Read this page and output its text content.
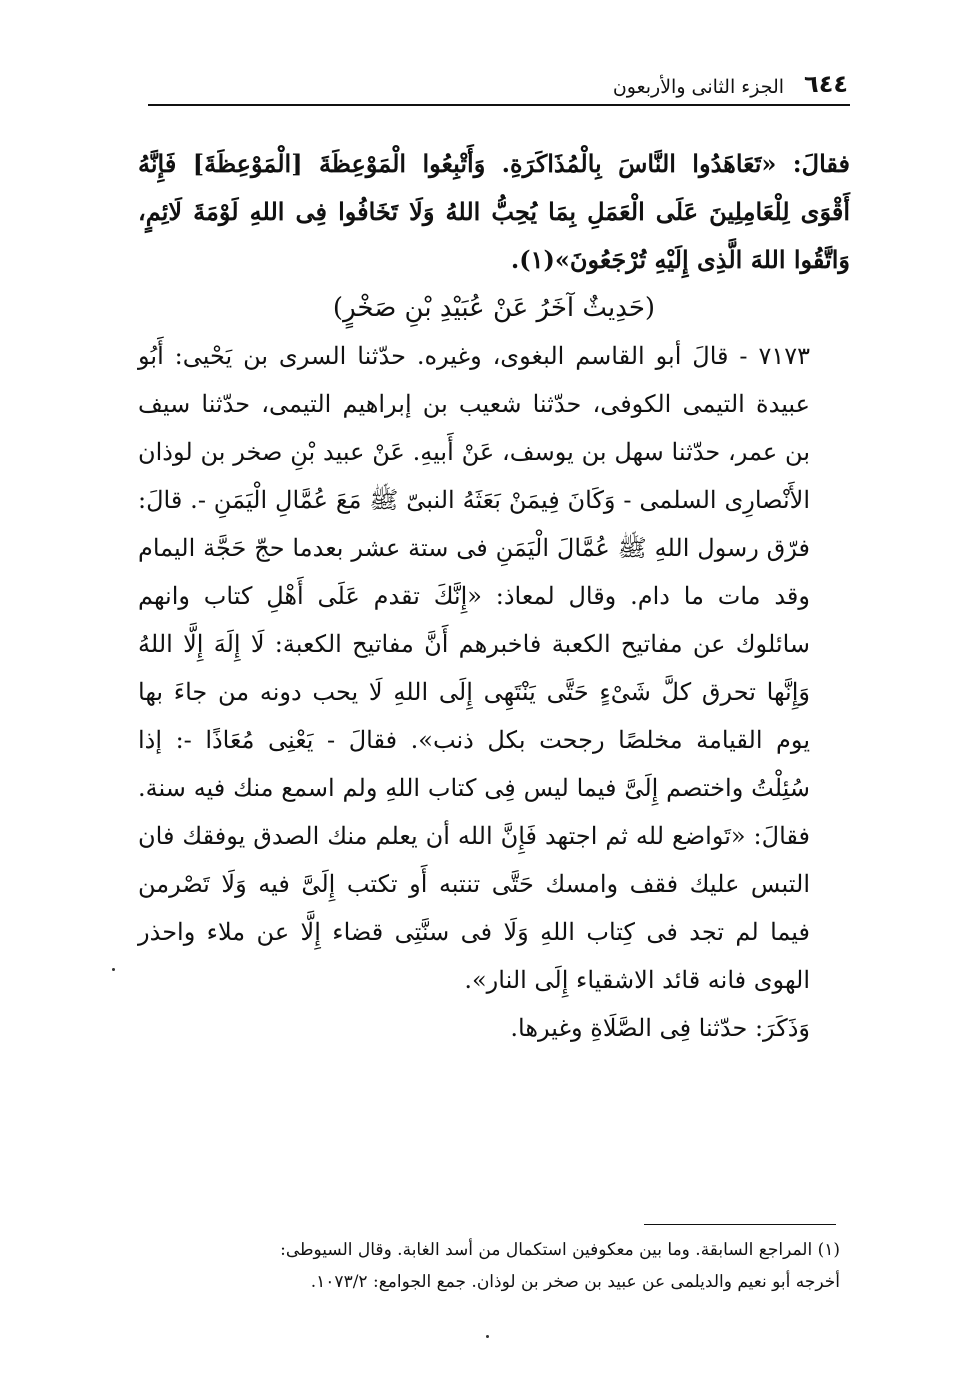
٦٤٤
الجزء الثانى والأربعون

فقالَ: «تَعَاهَدُوا النَّاسَ بِالْمُذَاكَرَةِ. وَأَتْبِعُوا الْمَوْعِظَةَ [الْمَوْعِظَةَ] فَإِنَّهُ أَقْوَى لِلْعَامِلِينَ عَلَى الْعَمَلِ بِمَا يُحِبُّ اللهُ وَلَا تَخَافُوا فِى اللهِ لَوْمَةَ لَائِمٍ، وَاتَّقُوا اللهَ الَّذِى إِلَيْهِ تُرْجَعُونَ»(١).

(حَدِيثٌ آخَرُ عَنْ عُبَيْدِ بْنِ صَخْرٍ)

٧١٧٣ - قالَ أبو القاسم البغوى، وغيره. حدّثنا السرى بن يَحْيى: أَبُو عبيدة التيمى الكوفى، حدّثنا شعيب بن إبراهيم التيمى، حدّثنا سيف بن عمر، حدّثنا سهل بن يوسف، عَنْ أَبيهِ. عَنْ عبيد بْنِ صخر بن لوذان الأَنْصارِى السلمى - وَكَانَ فِيمَنْ بَعَثَهُ النبىّ ﷺ مَعَ عُمَّالِ الْيَمَنِ -. قالَ: فرّق رسول اللهِ ﷺ عُمَّالَ الْيَمَنِ فى ستة عشر بعدما حجّ حَجَّة اليمام وقد مات ما دام. وقال لمعاذ: «إِنَّكَ تقدم عَلَى أَهْلِ كتاب وانهم سائلوك عن مفاتيح الكعبة فاخبرهم أَنَّ مفاتيح الكعبة: لَا إِلَهَ إِلَّا اللهُ وَإِنَّها تحرق كلَّ شَىْءٍ حَتَّى يَنْتَهِى إِلَى اللهِ لَا يحب دونه من جاءَ بها يوم القيامة مخلصًا رجحت بكل ذنب». فقالَ - يَعْنِى مُعَاذًا -: إذا سُئِلْتُ واختصم إِلَىَّ فيما ليس فِى كتاب اللهِ ولم اسمع منك فيه سنة. فقالَ: «تَواضع لله ثم اجتهد فَإِنَّ الله أن يعلم منك الصدق يوفقك فان التبس عليك فقف وامسك حَتَّى تنتبه أَو تكتب إِلَىَّ فيه وَلَا تَصْرمن فيما لم تجد فى كِتاب اللهِ وَلَا فى سنَّتِى قضاء إِلَّا عن ملاء واحذر الهوى فانه قائد الاشقياء إِلَى النار».

وَذَكَرَ: حدّثنا فِى الصَّلَاةِ وغيرها.

(١) المراجع السابقة. وما بين معكوفين استكمال من أسد الغابة. وقال السيوطى:

أخرجه أبو نعيم والديلمى عن عبيد بن صخر بن لوذان. جمع الجوامع: ١٠٧٣/٢.
